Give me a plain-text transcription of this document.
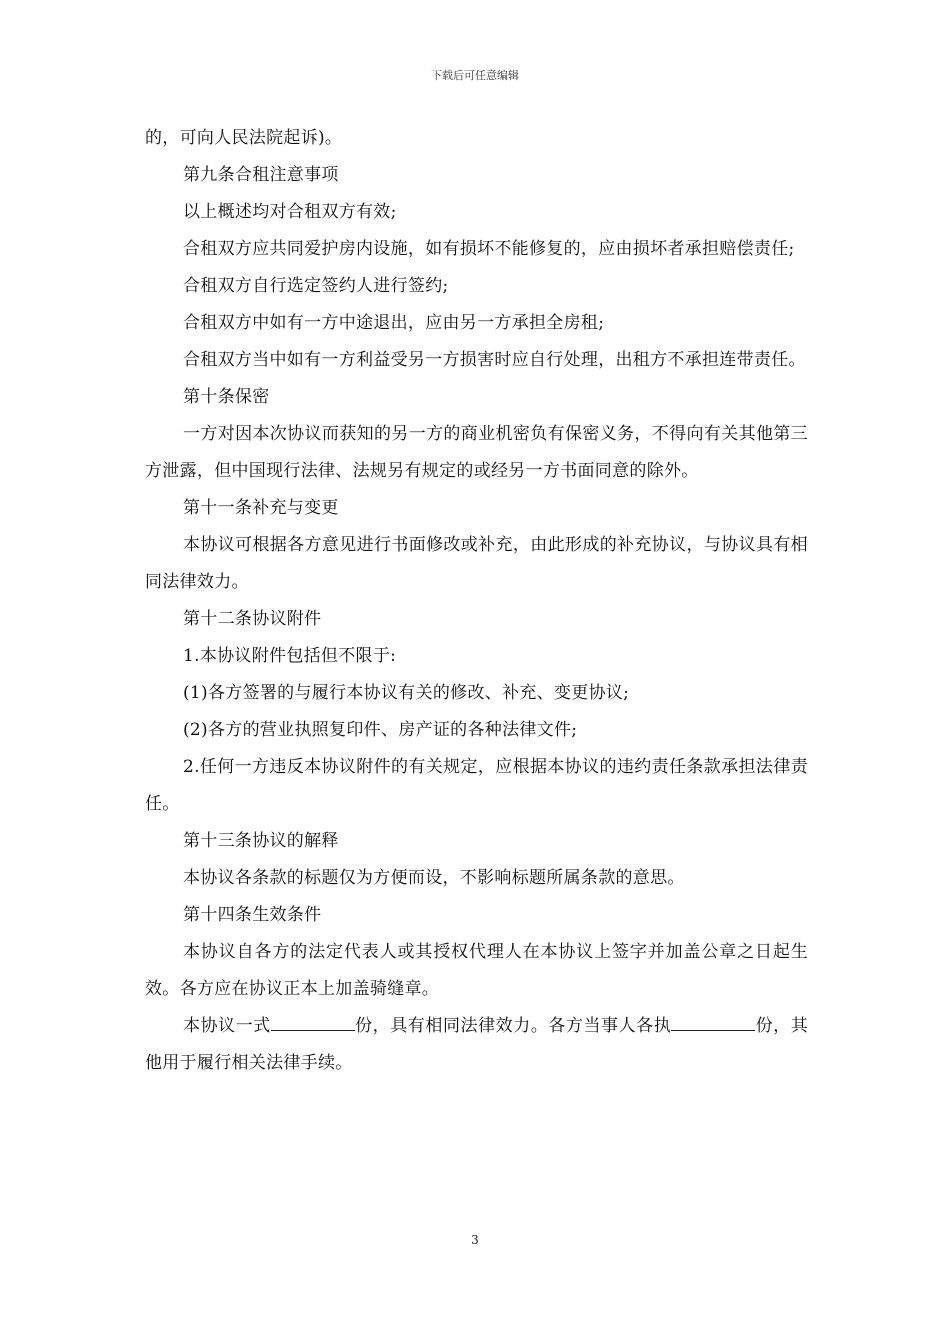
下载后可任意编辑

的，可向人民法院起诉)。

第九条合租注意事项

以上概述均对合租双方有效;

合租双方应共同爱护房内设施，如有损坏不能修复的，应由损坏者承担赔偿责任;

合租双方自行选定签约人进行签约;

合租双方中如有一方中途退出，应由另一方承担全房租;

合租双方当中如有一方利益受另一方损害时应自行处理，出租方不承担连带责任。

第十条保密

一方对因本次协议而获知的另一方的商业机密负有保密义务，不得向有关其他第三方泄露，但中国现行法律、法规另有规定的或经另一方书面同意的除外。

第十一条补充与变更

本协议可根据各方意见进行书面修改或补充，由此形成的补充协议，与协议具有相同法律效力。

第十二条协议附件

1.本协议附件包括但不限于:

(1)各方签署的与履行本协议有关的修改、补充、变更协议;

(2)各方的营业执照复印件、房产证的各种法律文件;

2.任何一方违反本协议附件的有关规定，应根据本协议的违约责任条款承担法律责任。

第十三条协议的解释

本协议各条款的标题仅为方便而设，不影响标题所属条款的意思。

第十四条生效条件

本协议自各方的法定代表人或其授权代理人在本协议上签字并加盖公章之日起生效。各方应在协议正本上加盖骑缝章。

本协议一式	份，具有相同法律效力。各方当事人各执	份，其他用于履行相关法律手续。

3
